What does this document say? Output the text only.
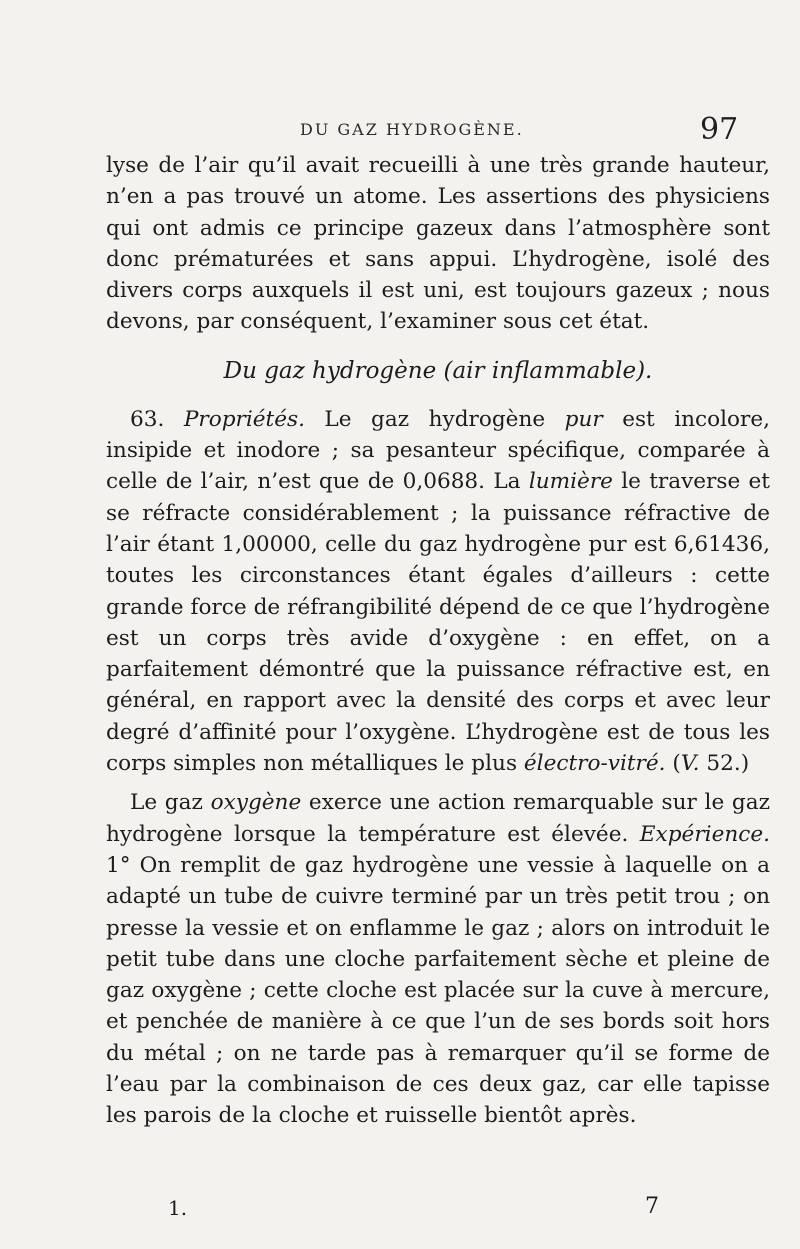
DU GAZ HYDROGÈNE.	97

lyse de l’air qu’il avait recueilli à une très grande hauteur, n’en a pas trouvé un atome. Les assertions des physiciens qui ont admis ce principe gazeux dans l’atmosphère sont donc prématurées et sans appui. L’hydrogène, isolé des divers corps auxquels il est uni, est toujours gazeux ; nous devons, par conséquent, l’examiner sous cet état.

Du gaz hydrogène (air inflammable).

63. Propriétés. Le gaz hydrogène pur est incolore, insipide et inodore ; sa pesanteur spécifique, comparée à celle de l’air, n’est que de 0,0688. La lumière le traverse et se réfracte considérablement ; la puissance réfractive de l’air étant 1,00000, celle du gaz hydrogène pur est 6,61436, toutes les circonstances étant égales d’ailleurs : cette grande force de réfrangibilité dépend de ce que l’hydrogène est un corps très avide d’oxygène : en effet, on a parfaitement démontré que la puissance réfractive est, en général, en rapport avec la densité des corps et avec leur degré d’affinité pour l’oxygène. L’hydrogène est de tous les corps simples non métalliques le plus électro-vitré. (V. 52.)

Le gaz oxygène exerce une action remarquable sur le gaz hydrogène lorsque la température est élevée. Expérience. 1° On remplit de gaz hydrogène une vessie à laquelle on a adapté un tube de cuivre terminé par un très petit trou ; on presse la vessie et on enflamme le gaz ; alors on introduit le petit tube dans une cloche parfaitement sèche et pleine de gaz oxygène ; cette cloche est placée sur la cuve à mercure, et penchée de manière à ce que l’un de ses bords soit hors du métal ; on ne tarde pas à remarquer qu’il se forme de l’eau par la combinaison de ces deux gaz, car elle tapisse les parois de la cloche et ruisselle bientôt après.

1.	7
